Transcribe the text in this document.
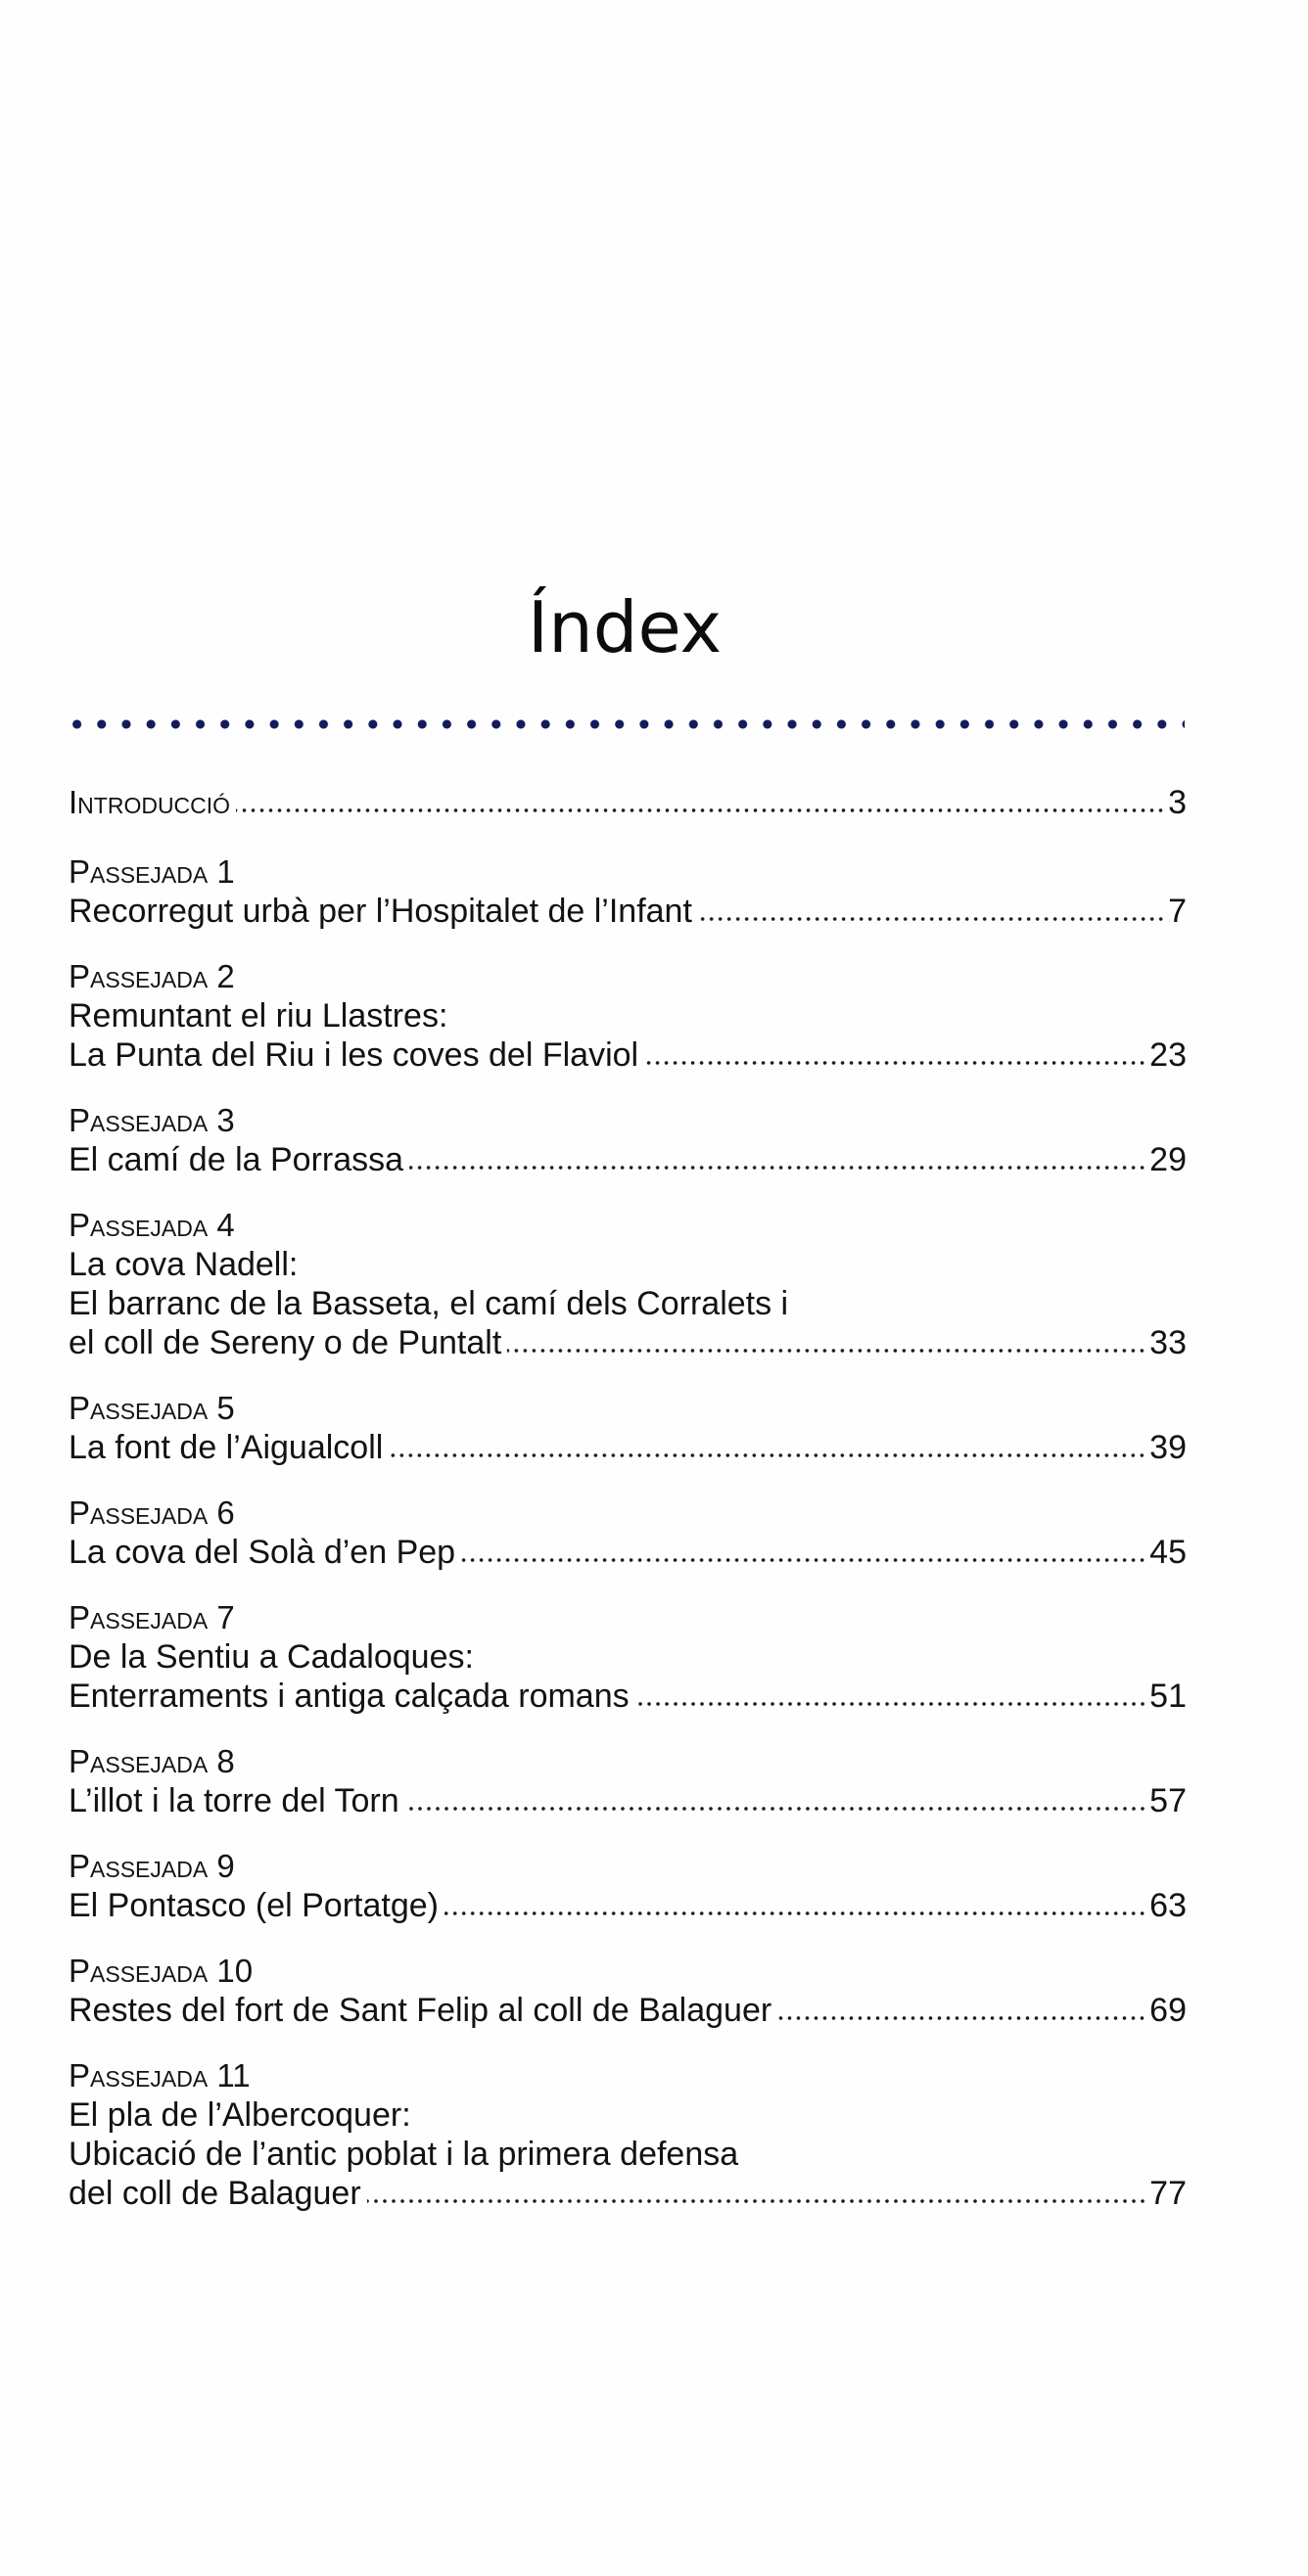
Índex
Introducció	3
Passejada 1
Recorregut urbà per l’Hospitalet de l’Infant	7
Passejada 2
Remuntant el riu Llastres:
La Punta del Riu i les coves del Flaviol	23
Passejada 3
El camí de la Porrassa	29
Passejada 4
La cova Nadell:
El barranc de la Basseta, el camí dels Corralets i
el coll de Sereny o de Puntalt	33
Passejada 5
La font de l’Aigualcoll	39
Passejada 6
La cova del Solà d’en Pep	45
Passejada 7
De la Sentiu a Cadaloques:
Enterraments i antiga calçada romans	51
Passejada 8
L’illot i la torre del Torn	57
Passejada 9
El Pontasco (el Portatge)	63
Passejada 10
Restes del fort de Sant Felip al coll de Balaguer	69
Passejada 11
El pla de l’Albercoquer:
Ubicació de l’antic poblat i la primera defensa
del coll de Balaguer	77
